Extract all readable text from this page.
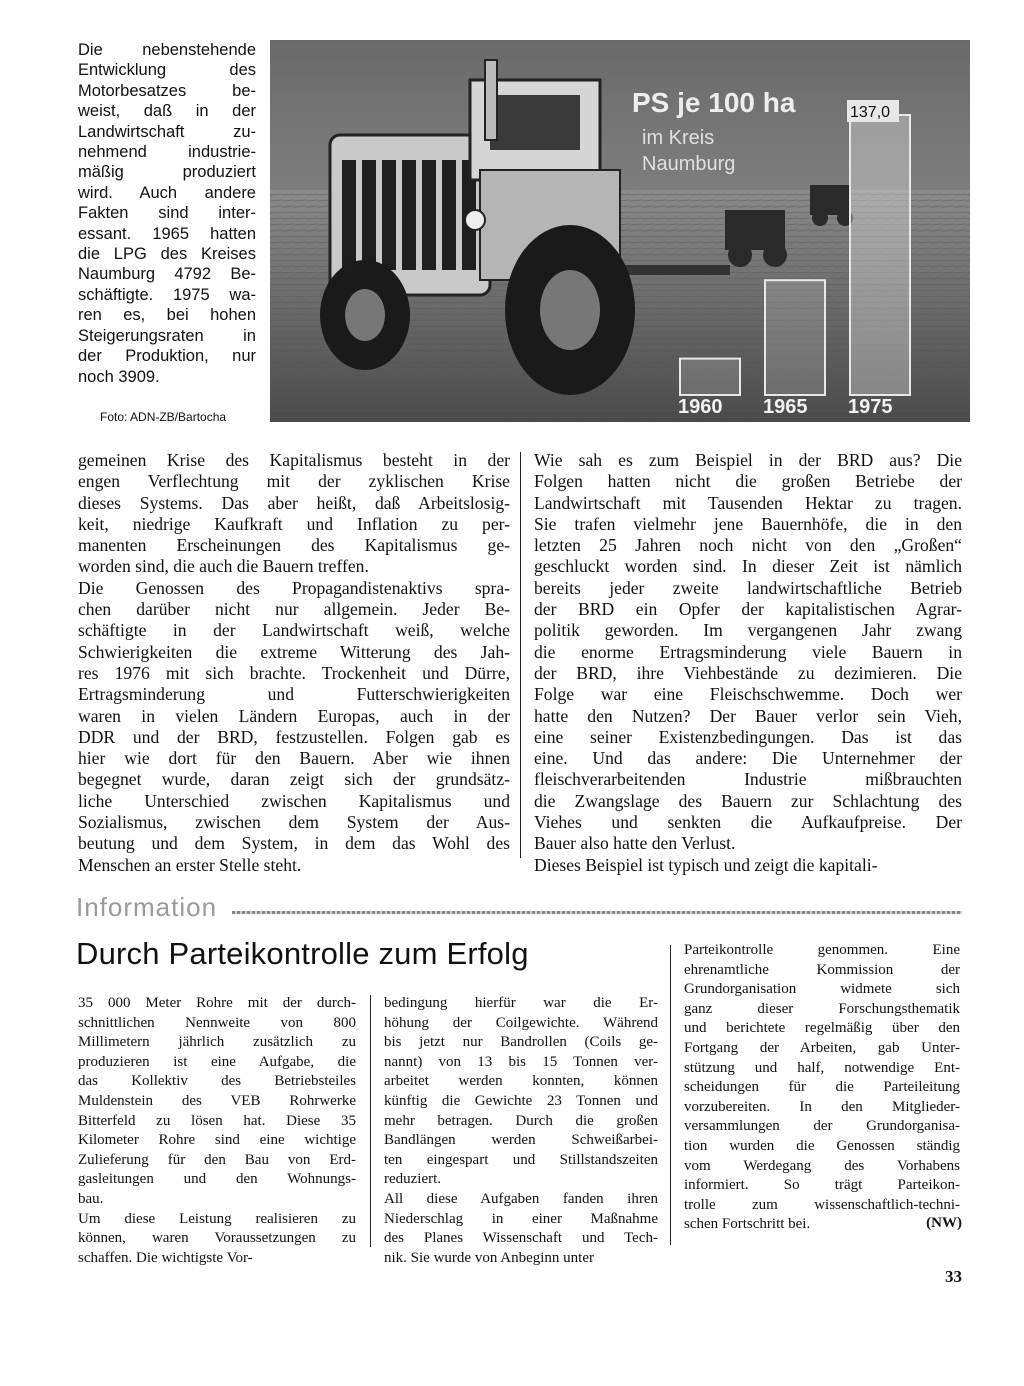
Die nebenstehende
Entwicklung des
Motorbesatzes be-
weist, daß in der
Landwirtschaft zu-
nehmend industrie-
mäßig produziert
wird. Auch andere
Fakten sind inter-
essant. 1965 hatten
die LPG des Kreises
Naumburg 4792 Be-
schäftigte. 1975 wa-
ren es, bei hohen
Steigerungsraten in
der Produktion, nur
noch 3909.
Foto: ADN-ZB/Bartocha
PS je 100 ha
im Kreis
Naumburg
1960 1965 1975
137,0
gemeinen Krise des Kapitalismus besteht in der
engen Verflechtung mit der zyklischen Krise
dieses Systems. Das aber heißt, daß Arbeitslosig-
keit, niedrige Kaufkraft und Inflation zu per-
manenten Erscheinungen des Kapitalismus ge-
worden sind, die auch die Bauern treffen.
Die Genossen des Propagandistenaktivs spra-
chen darüber nicht nur allgemein. Jeder Be-
schäftigte in der Landwirtschaft weiß, welche
Schwierigkeiten die extreme Witterung des Jah-
res 1976 mit sich brachte. Trockenheit und Dürre,
Ertragsminderung und Futterschwierigkeiten
waren in vielen Ländern Europas, auch in der
DDR und der BRD, festzustellen. Folgen gab es
hier wie dort für den Bauern. Aber wie ihnen
begegnet wurde, daran zeigt sich der grundsätz-
liche Unterschied zwischen Kapitalismus und
Sozialismus, zwischen dem System der Aus-
beutung und dem System, in dem das Wohl des
Menschen an erster Stelle steht.
Wie sah es zum Beispiel in der BRD aus? Die
Folgen hatten nicht die großen Betriebe der
Landwirtschaft mit Tausenden Hektar zu tragen.
Sie trafen vielmehr jene Bauernhöfe, die in den
letzten 25 Jahren noch nicht von den „Großen“
geschluckt worden sind. In dieser Zeit ist nämlich
bereits jeder zweite landwirtschaftliche Betrieb
der BRD ein Opfer der kapitalistischen Agrar-
politik geworden. Im vergangenen Jahr zwang
die enorme Ertragsminderung viele Bauern in
der BRD, ihre Viehbestände zu dezimieren. Die
Folge war eine Fleischschwemme. Doch wer
hatte den Nutzen? Der Bauer verlor sein Vieh,
eine seiner Existenzbedingungen. Das ist das
eine. Und das andere: Die Unternehmer der
fleischverarbeitenden Industrie mißbrauchten
die Zwangslage des Bauern zur Schlachtung des
Viehes und senkten die Aufkaufpreise. Der
Bauer also hatte den Verlust.
Dieses Beispiel ist typisch und zeigt die kapitali-
Information
Durch Parteikontrolle zum Erfolg
35 000 Meter Rohre mit der durch-
schnittlichen Nennweite von 800
Millimetern jährlich zusätzlich zu
produzieren ist eine Aufgabe, die
das Kollektiv des Betriebsteiles
Muldenstein des VEB Rohrwerke
Bitterfeld zu lösen hat. Diese 35
Kilometer Rohre sind eine wichtige
Zulieferung für den Bau von Erd-
gasleitungen und den Wohnungs-
bau.
Um diese Leistung realisieren zu
können, waren Voraussetzungen zu
schaffen. Die wichtigste Vor-
bedingung hierfür war die Er-
höhung der Coilgewichte. Während
bis jetzt nur Bandrollen (Coils ge-
nannt) von 13 bis 15 Tonnen ver-
arbeitet werden konnten, können
künftig die Gewichte 23 Tonnen und
mehr betragen. Durch die großen
Bandlängen werden Schweißarbei-
ten eingespart und Stillstandszeiten
reduziert.
All diese Aufgaben fanden ihren
Niederschlag in einer Maßnahme
des Planes Wissenschaft und Tech-
nik. Sie wurde von Anbeginn unter
Parteikontrolle genommen. Eine
ehrenamtliche Kommission der
Grundorganisation widmete sich
ganz dieser Forschungsthematik
und berichtete regelmäßig über den
Fortgang der Arbeiten, gab Unter-
stützung und half, notwendige Ent-
scheidungen für die Parteileitung
vorzubereiten. In den Mitglieder-
versammlungen der Grundorganisa-
tion wurden die Genossen ständig
vom Werdegang des Vorhabens
informiert. So trägt Parteikon-
trolle zum wissenschaftlich-techni-
schen Fortschritt bei.	(NW)
33
